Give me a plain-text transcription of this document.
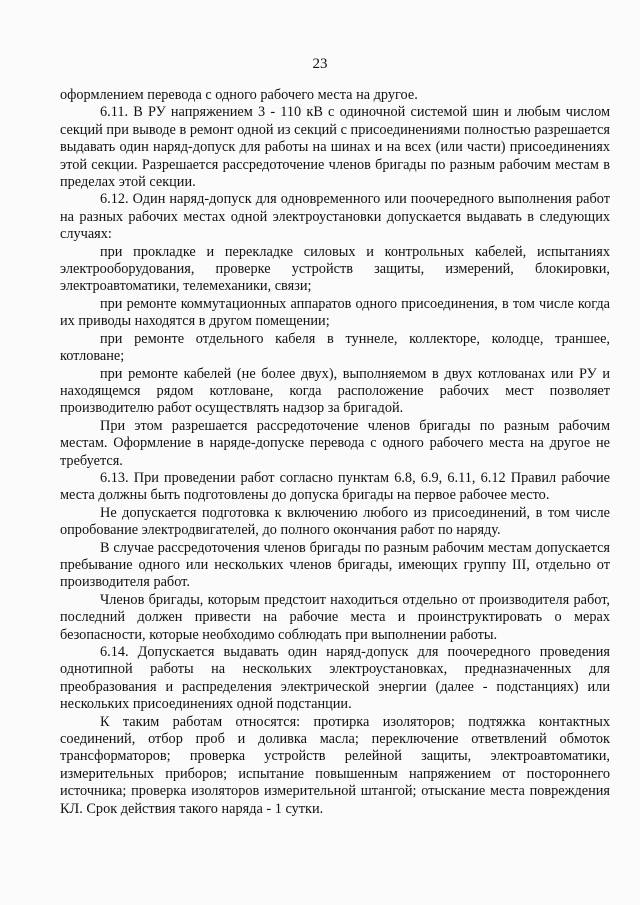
23

оформлением перевода с одного рабочего места на другое.

6.11. В РУ напряжением 3 - 110 кВ с одиночной системой шин и любым числом секций при выводе в ремонт одной из секций с присоединениями полностью разрешается выдавать один наряд-допуск для работы на шинах и на всех (или части) присоединениях этой секции. Разрешается рассредоточение членов бригады по разным рабочим местам в пределах этой секции.

6.12. Один наряд-допуск для одновременного или поочередного выполнения работ на разных рабочих местах одной электроустановки допускается выдавать в следующих случаях:

при прокладке и перекладке силовых и контрольных кабелей, испытаниях электрооборудования, проверке устройств защиты, измерений, блокировки, электроавтоматики, телемеханики, связи;

при ремонте коммутационных аппаратов одного присоединения, в том числе когда их приводы находятся в другом помещении;

при ремонте отдельного кабеля в туннеле, коллекторе, колодце, траншее, котловане;

при ремонте кабелей (не более двух), выполняемом в двух котлованах или РУ и находящемся рядом котловане, когда расположение рабочих мест позволяет производителю работ осуществлять надзор за бригадой.

При этом разрешается рассредоточение членов бригады по разным рабочим местам. Оформление в наряде-допуске перевода с одного рабочего места на другое не требуется.

6.13. При проведении работ согласно пунктам 6.8, 6.9, 6.11, 6.12 Правил рабочие места должны быть подготовлены до допуска бригады на первое рабочее место.

Не допускается подготовка к включению любого из присоединений, в том числе опробование электродвигателей, до полного окончания работ по наряду.

В случае рассредоточения членов бригады по разным рабочим местам допускается пребывание одного или нескольких членов бригады, имеющих группу III, отдельно от производителя работ.

Членов бригады, которым предстоит находиться отдельно от производителя работ, последний должен привести на рабочие места и проинструктировать о мерах безопасности, которые необходимо соблюдать при выполнении работы.

6.14. Допускается выдавать один наряд-допуск для поочередного проведения однотипной работы на нескольких электроустановках, предназначенных для преобразования и распределения электрической энергии (далее - подстанциях) или нескольких присоединениях одной подстанции.

К таким работам относятся: протирка изоляторов; подтяжка контактных соединений, отбор проб и доливка масла; переключение ответвлений обмоток трансформаторов; проверка устройств релейной защиты, электроавтоматики, измерительных приборов; испытание повышенным напряжением от постороннего источника; проверка изоляторов измерительной штангой; отыскание места повреждения КЛ. Срок действия такого наряда - 1 сутки.
